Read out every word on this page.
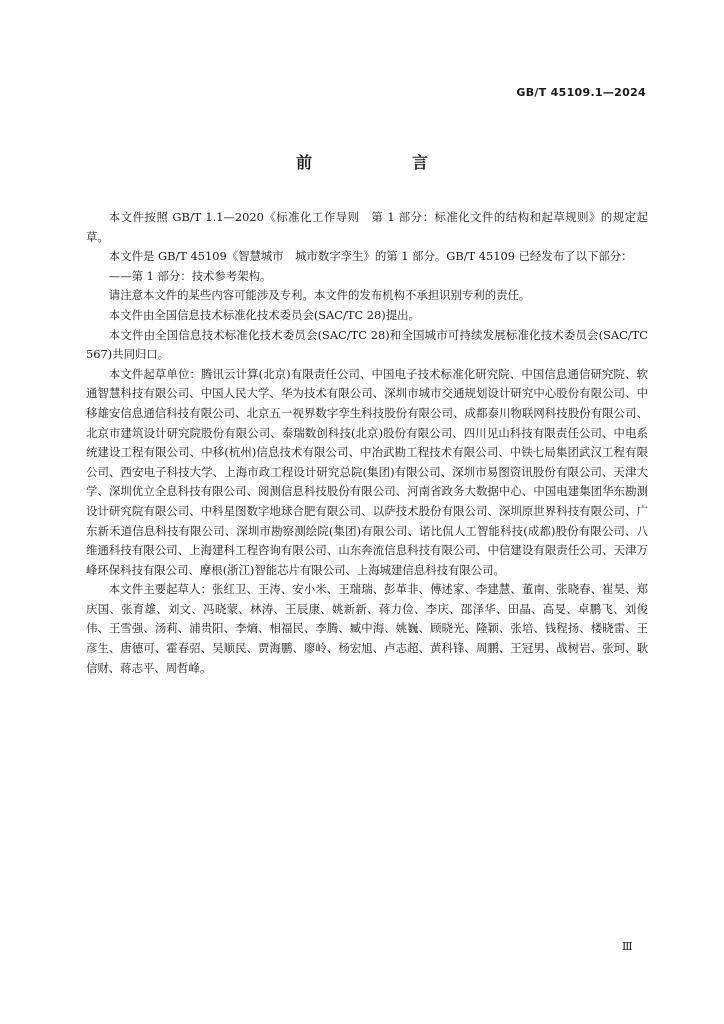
GB/T 45109.1—2024
前　言

本文件按照 GB/T 1.1—2020《标准化工作导则　第 1 部分：标准化文件的结构和起草规则》的规定起草。

本文件是 GB/T 45109《智慧城市　城市数字孪生》的第 1 部分。GB/T 45109 已经发布了以下部分：

——第 1 部分：技术参考架构。

请注意本文件的某些内容可能涉及专利。本文件的发布机构不承担识别专利的责任。

本文件由全国信息技术标准化技术委员会(SAC/TC 28)提出。

本文件由全国信息技术标准化技术委员会(SAC/TC 28)和全国城市可持续发展标准化技术委员会(SAC/TC 567)共同归口。

本文件起草单位：腾讯云计算(北京)有限责任公司、中国电子技术标准化研究院、中国信息通信研究院、软通智慧科技有限公司、中国人民大学、华为技术有限公司、深圳市城市交通规划设计研究中心股份有限公司、中移雄安信息通信科技有限公司、北京五一视界数字孪生科技股份有限公司、成都泰川物联网科技股份有限公司、北京市建筑设计研究院股份有限公司、泰瑞数创科技(北京)股份有限公司、四川见山科技有限责任公司、中电系统建设工程有限公司、中移(杭州)信息技术有限公司、中冶武勘工程技术有限公司、中铁七局集团武汉工程有限公司、西安电子科技大学、上海市政工程设计研究总院(集团)有限公司、深圳市易图资讯股份有限公司、天津大学、深圳优立全息科技有限公司、阅测信息科技股份有限公司、河南省政务大数据中心、中国电建集团华东勘测设计研究院有限公司、中科星图数字地球合肥有限公司、以萨技术股份有限公司、深圳原世界科技有限公司、广东新禾道信息科技有限公司、深圳市勘察测绘院(集团)有限公司、诺比侃人工智能科技(成都)股份有限公司、八维通科技有限公司、上海建科工程咨询有限公司、山东奔流信息科技有限公司、中信建设有限责任公司、天津万峰环保科技有限公司、摩根(浙江)智能芯片有限公司、上海城建信息科技有限公司。

本文件主要起草人：张红卫、王涛、安小米、王瑞瑞、彭革非、傅述家、李建慧、董南、张晓春、崔昊、郑庆国、张育雄、刘文、冯晓蒙、林涛、王辰康、姚新新、蒋力俭、李庆、邵泽华、田晶、高旻、卓鹏飞、刘俊伟、王雪强、汤莉、浦贵阳、李熵、相福民、李腾、臧中海、姚巍、顾晓光、隆颖、张培、钱程扬、楼晓雷、王彦生、唐德可、霍春弨、吴顺民、贾海鹏、廖岭、杨宏旭、卢志超、黄科锋、周鹏、王冠男、战树岩、张珂、耿信财、蒋志平、周哲峰。

Ⅲ
